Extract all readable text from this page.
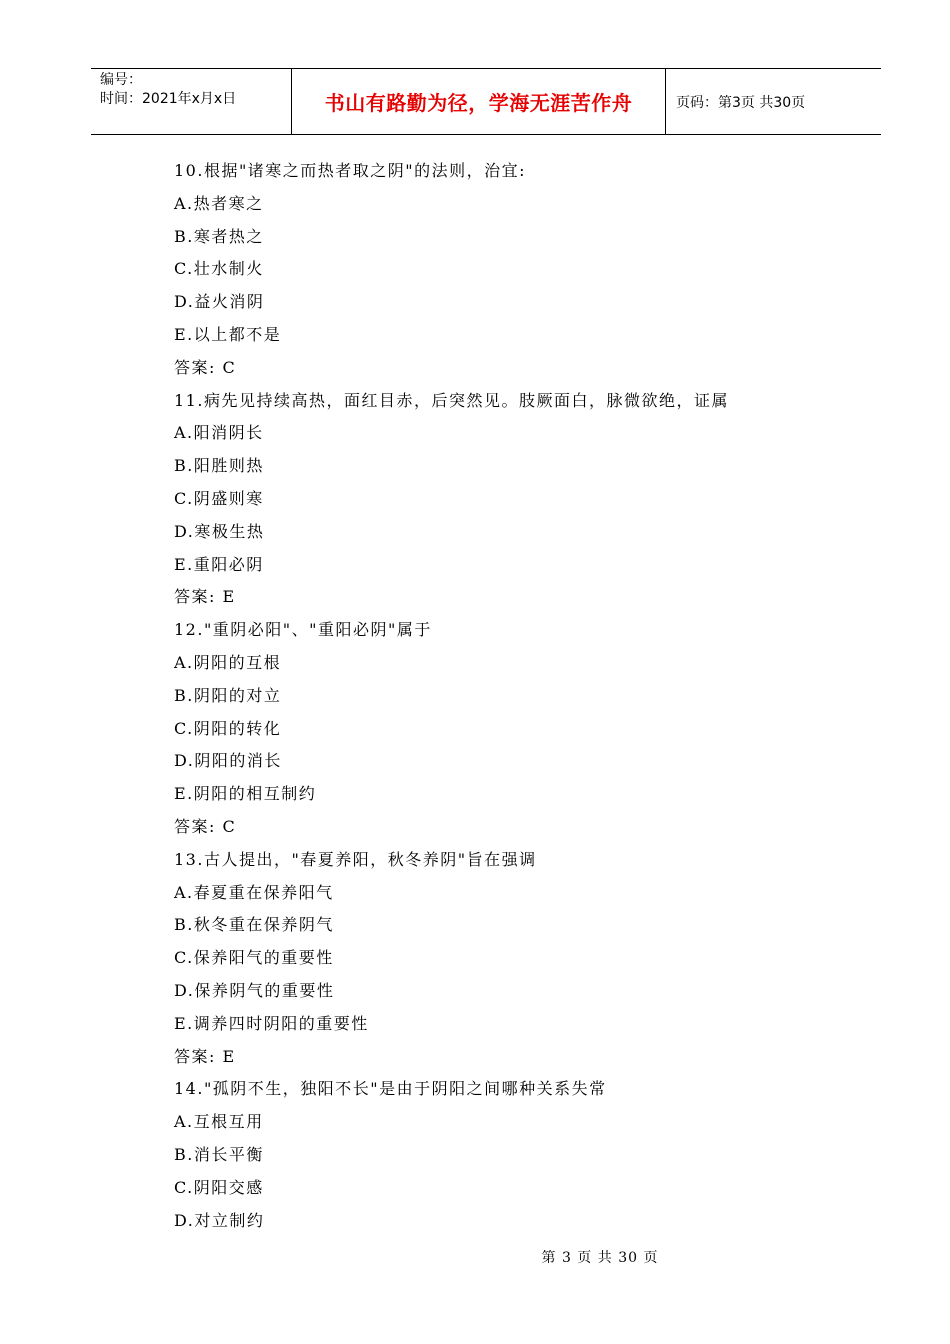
编号：
时间：2021年x月x日	书山有路勤为径，学海无涯苦作舟	页码：第3页 共30页
10.根据"诸寒之而热者取之阴"的法则，治宜:
A.热者寒之
B.寒者热之
C.壮水制火
D.益火消阴
E.以上都不是
答案: C
11.病先见持续高热，面红目赤，后突然见。肢厥面白，脉微欲绝，证属
A.阳消阴长
B.阳胜则热
C.阴盛则寒
D.寒极生热
E.重阳必阴
答案: E
12."重阴必阳"、"重阳必阴"属于
A.阴阳的互根
B.阴阳的对立
C.阴阳的转化
D.阴阳的消长
E.阴阳的相互制约
答案: C
13.古人提出，"春夏养阳，秋冬养阴"旨在强调
A.春夏重在保养阳气
B.秋冬重在保养阴气
C.保养阳气的重要性
D.保养阴气的重要性
E.调养四时阴阳的重要性
答案: E
14."孤阴不生，独阳不长"是由于阴阳之间哪种关系失常
A.互根互用
B.消长平衡
C.阴阳交感
D.对立制约
第 3 页 共 30 页
